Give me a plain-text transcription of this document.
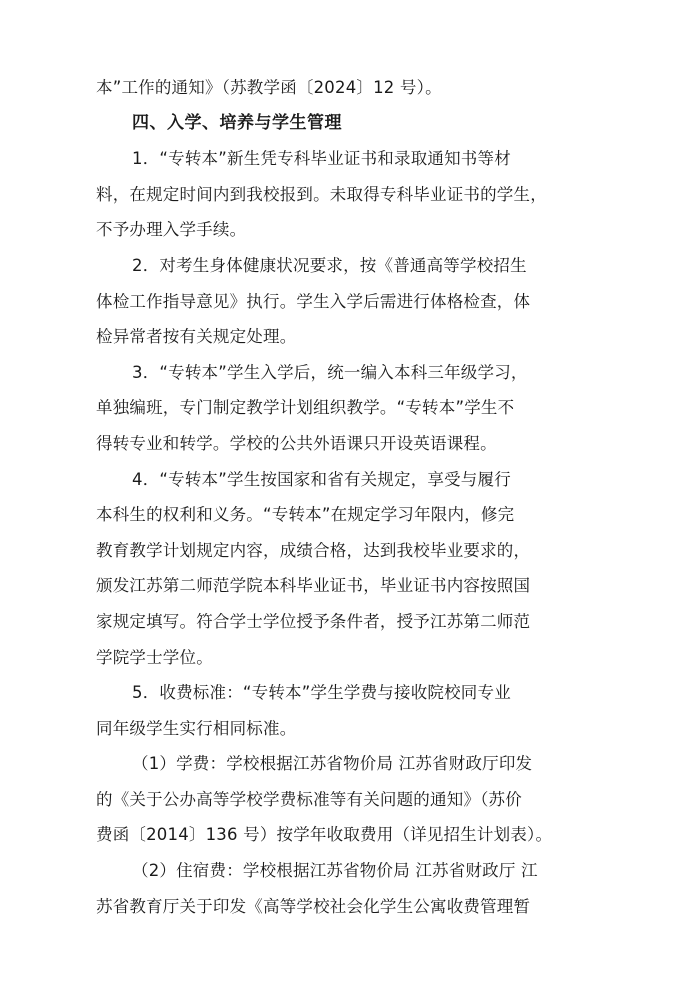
本”工作的通知》（苏教学函〔2024〕12 号）。
四、入学、培养与学生管理
1．“专转本”新生凭专科毕业证书和录取通知书等材
料，在规定时间内到我校报到。未取得专科毕业证书的学生，
不予办理入学手续。
2．对考生身体健康状况要求，按《普通高等学校招生
体检工作指导意见》执行。学生入学后需进行体格检查，体
检异常者按有关规定处理。
3．“专转本”学生入学后，统一编入本科三年级学习，
单独编班，专门制定教学计划组织教学。“专转本”学生不
得转专业和转学。学校的公共外语课只开设英语课程。
4．“专转本”学生按国家和省有关规定，享受与履行
本科生的权利和义务。“专转本”在规定学习年限内，修完
教育教学计划规定内容，成绩合格，达到我校毕业要求的，
颁发江苏第二师范学院本科毕业证书，毕业证书内容按照国
家规定填写。符合学士学位授予条件者，授予江苏第二师范
学院学士学位。
5．收费标准：“专转本”学生学费与接收院校同专业
同年级学生实行相同标准。
（1）学费：学校根据江苏省物价局 江苏省财政厅印发
的《关于公办高等学校学费标准等有关问题的通知》（苏价
费函〔2014〕136 号）按学年收取费用（详见招生计划表）。
（2）住宿费：学校根据江苏省物价局 江苏省财政厅 江
苏省教育厅关于印发《高等学校社会化学生公寓收费管理暂
